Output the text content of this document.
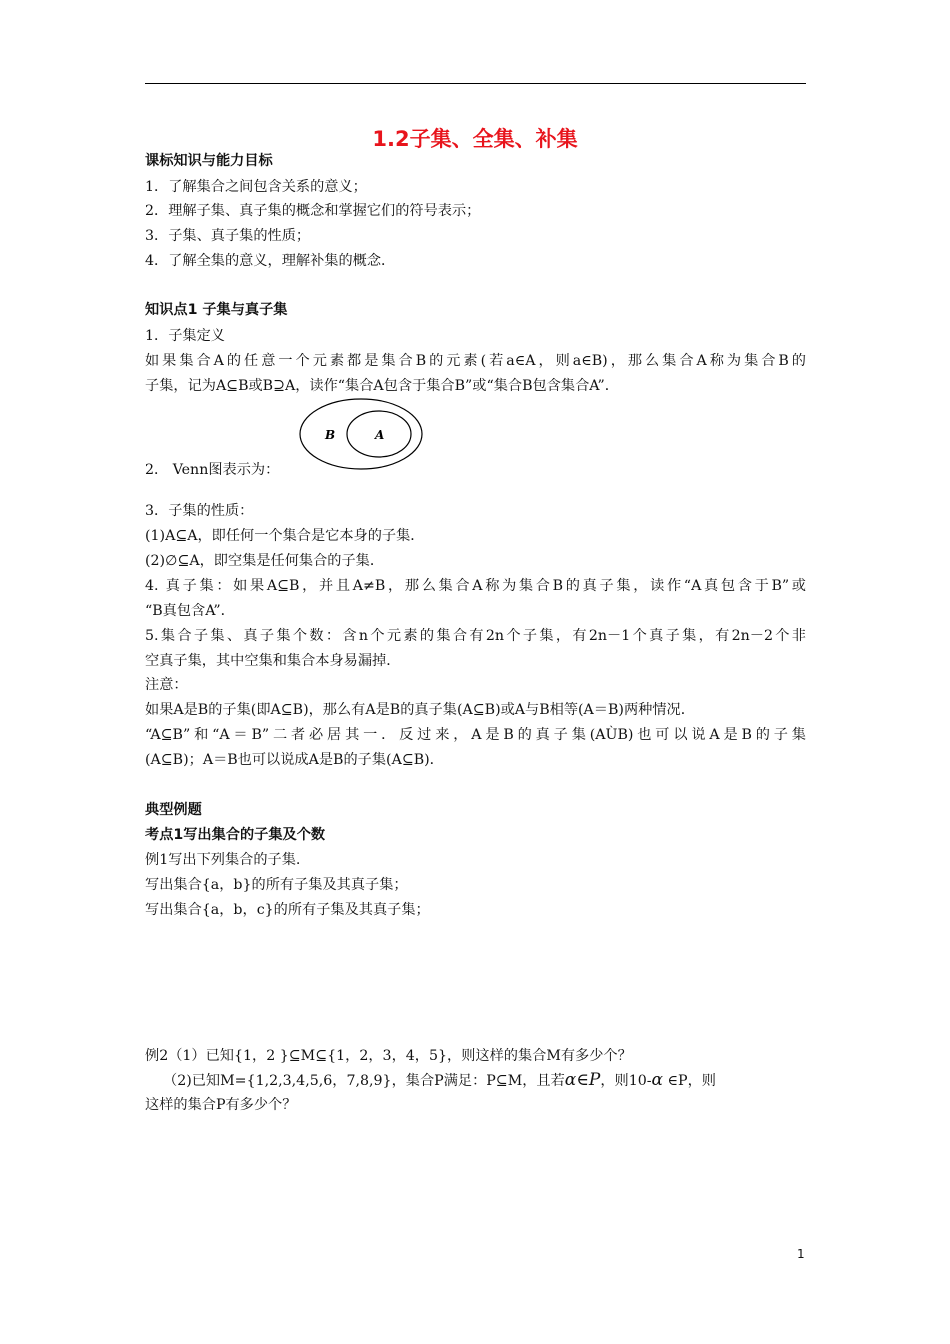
1.2子集、全集、补集
课标知识与能力目标
1．了解集合之间包含关系的意义；
2．理解子集、真子集的概念和掌握它们的符号表示；
3．子集、真子集的性质；
4．了解全集的意义，理解补集的概念．
知识点1 子集与真子集
1．子集定义
如果集合A的任意一个元素都是集合B的元素(若a∈A，则a∈B)，那么集合A称为集合B的
子集，记为A⊆B或B⊇A，读作“集合A包含于集合B”或“集合B包含集合A”．
B	A
2． Venn图表示为：
3．子集的性质：
(1)A⊆A，即任何一个集合是它本身的子集．
(2)∅⊆A，即空集是任何集合的子集．
4. 真子集：如果A⊆B，并且A≠B，那么集合A称为集合B的真子集，读作“A真包含于B”或
“B真包含A”．
5.集合子集、真子集个数：含n个元素的集合有2n个子集，有2n－1个真子集，有2n－2个非
空真子集，其中空集和集合本身易漏掉．
注意：
如果A是B的子集(即A⊆B)，那么有A是B的真子集(A⊆B)或A与B相等(A＝B)两种情况．
“A⊆B”和“A＝B”二者必居其一．反过来，A是B的真子集(AÙB)也可以说A是B的子集
(A⊆B)；A＝B也可以说成A是B的子集(A⊆B)．
典型例题
考点1写出集合的子集及个数
例1写出下列集合的子集.
写出集合{a，b}的所有子集及其真子集；
写出集合{a，b，c}的所有子集及其真子集；
例2（1）已知{1，2 }⊆M⊆{1，2，3，4，5}，则这样的集合M有多少个？
（2)已知M={1,2,3,4,5,6，7,8,9}，集合P满足：P⊆M，且若α∈P，则10-α ∈P，则
这样的集合P有多少个？
1
